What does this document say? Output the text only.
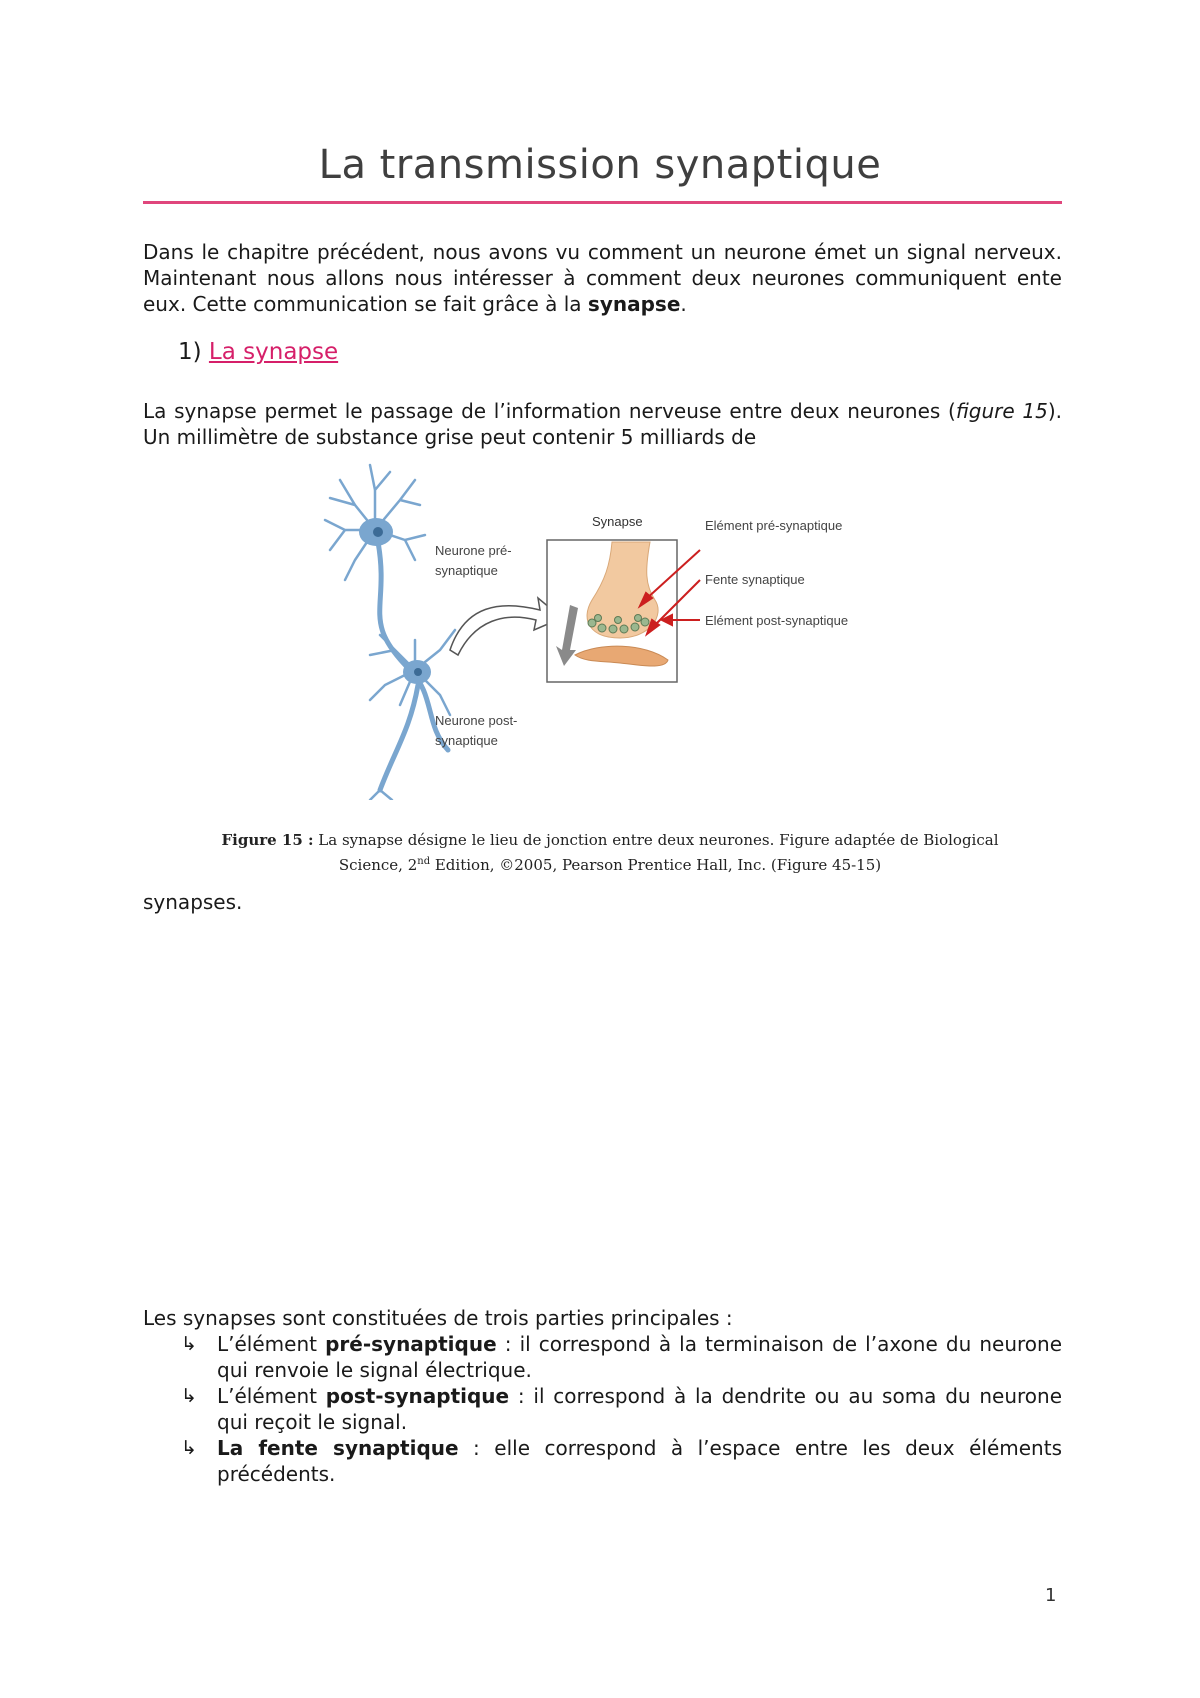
La transmission synaptique
Dans le chapitre précédent, nous avons vu comment un neurone émet un signal nerveux. Maintenant nous allons nous intéresser à comment deux neurones communiquent ente eux. Cette communication se fait grâce à la synapse.
1) La synapse
La synapse permet le passage de l’information nerveuse entre deux neurones (figure 15). Un millimètre de substance grise peut contenir 5 milliards de
Neurone pré-
synaptique
Neurone post-
synaptique
Synapse	Elément pré-synaptique
Fente synaptique
Elément post-synaptique
Figure 15 : La synapse désigne le lieu de jonction entre deux neurones. Figure adaptée de Biological
Science, 2nd Edition, ©2005, Pearson Prentice Hall, Inc. (Figure 45-15)
synapses.
Les synapses sont constituées de trois parties principales :
↳ L’élément pré-synaptique : il correspond à la terminaison de l’axone du neurone qui renvoie le signal électrique.
↳ L’élément post-synaptique : il correspond à la dendrite ou au soma du neurone qui reçoit le signal.
↳ La fente synaptique : elle correspond à l’espace entre les deux éléments précédents.
1
